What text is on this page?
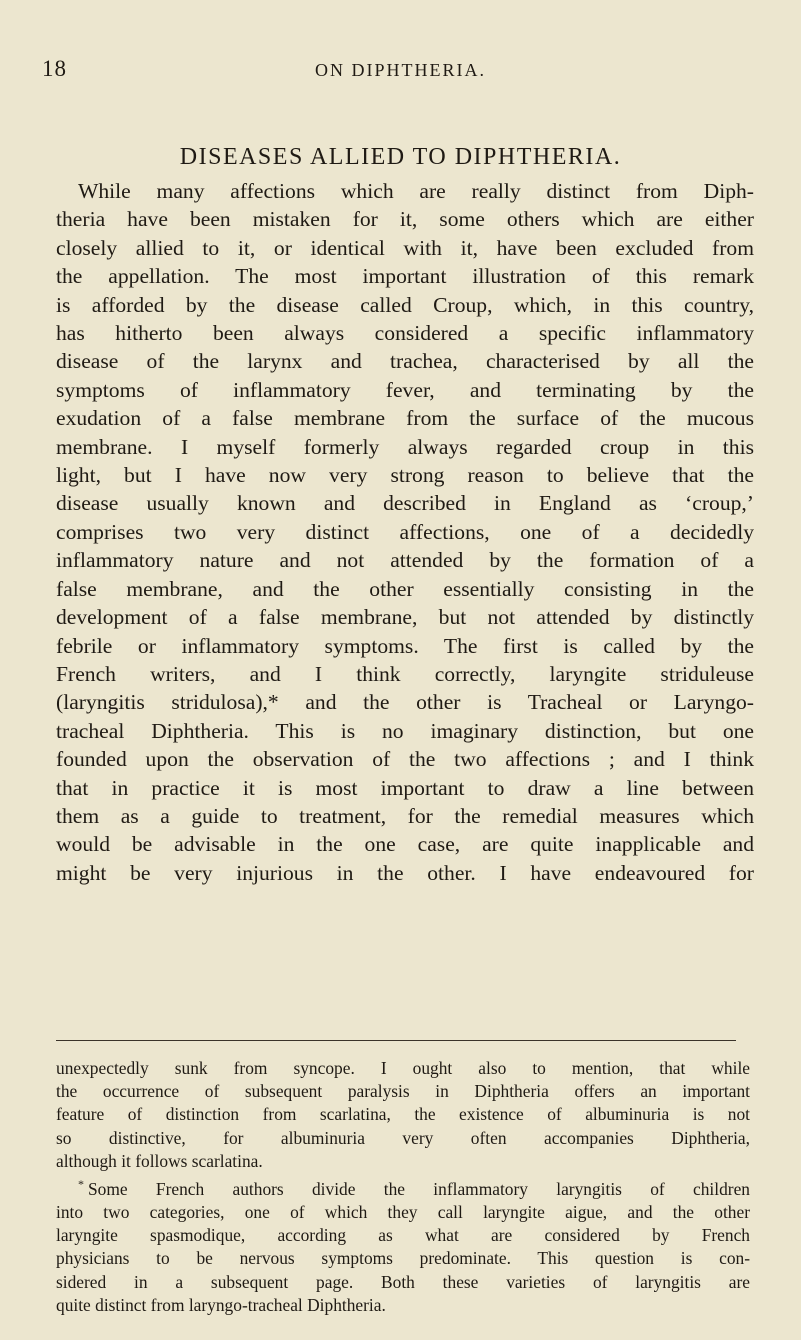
18	ON DIPHTHERIA.
DISEASES ALLIED TO DIPHTHERIA.
While many affections which are really distinct from Diph-
theria have been mistaken for it, some others which are either
closely allied to it, or identical with it, have been excluded from
the appellation. The most important illustration of this remark
is afforded by the disease called Croup, which, in this country,
has hitherto been always considered a specific inflammatory
disease of the larynx and trachea, characterised by all the
symptoms of inflammatory fever, and terminating by the
exudation of a false membrane from the surface of the mucous
membrane. I myself formerly always regarded croup in this
light, but I have now very strong reason to believe that the
disease usually known and described in England as ‘croup,’
comprises two very distinct affections, one of a decidedly
inflammatory nature and not attended by the formation of a
false membrane, and the other essentially consisting in the
development of a false membrane, but not attended by distinctly
febrile or inflammatory symptoms. The first is called by the
French writers, and I think correctly, laryngite striduleuse
(laryngitis stridulosa),* and the other is Tracheal or Laryngo-
tracheal Diphtheria. This is no imaginary distinction, but one
founded upon the observation of the two affections ; and I think
that in practice it is most important to draw a line between
them as a guide to treatment, for the remedial measures which
would be advisable in the one case, are quite inapplicable and
might be very injurious in the other. I have endeavoured for
unexpectedly sunk from syncope. I ought also to mention, that while
the occurrence of subsequent paralysis in Diphtheria offers an important
feature of distinction from scarlatina, the existence of albuminuria is not
so distinctive, for albuminuria very often accompanies Diphtheria,
although it follows scarlatina.
* Some French authors divide the inflammatory laryngitis of children
into two categories, one of which they call laryngite aigue, and the other
laryngite spasmodique, according as what are considered by French
physicians to be nervous symptoms predominate. This question is con-
sidered in a subsequent page. Both these varieties of laryngitis are
quite distinct from laryngo-tracheal Diphtheria.
